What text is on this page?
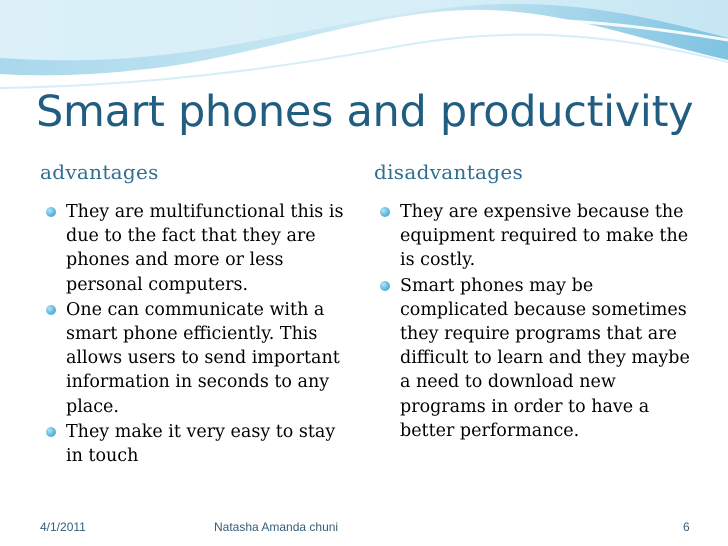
Smart phones and productivity
advantages	disadvantages
They are multifunctional this is due to the fact that they are phones and more or less personal computers.
One can communicate with a smart phone efficiently. This allows users to send important information in seconds to any place.
They make it very easy to stay in touch
They are expensive because the equipment required to make the is costly.
Smart phones may be complicated because sometimes they require programs that are difficult to learn and they maybe a need to download new programs in order to have a better performance.
4/1/2011	Natasha Amanda chuni	6
